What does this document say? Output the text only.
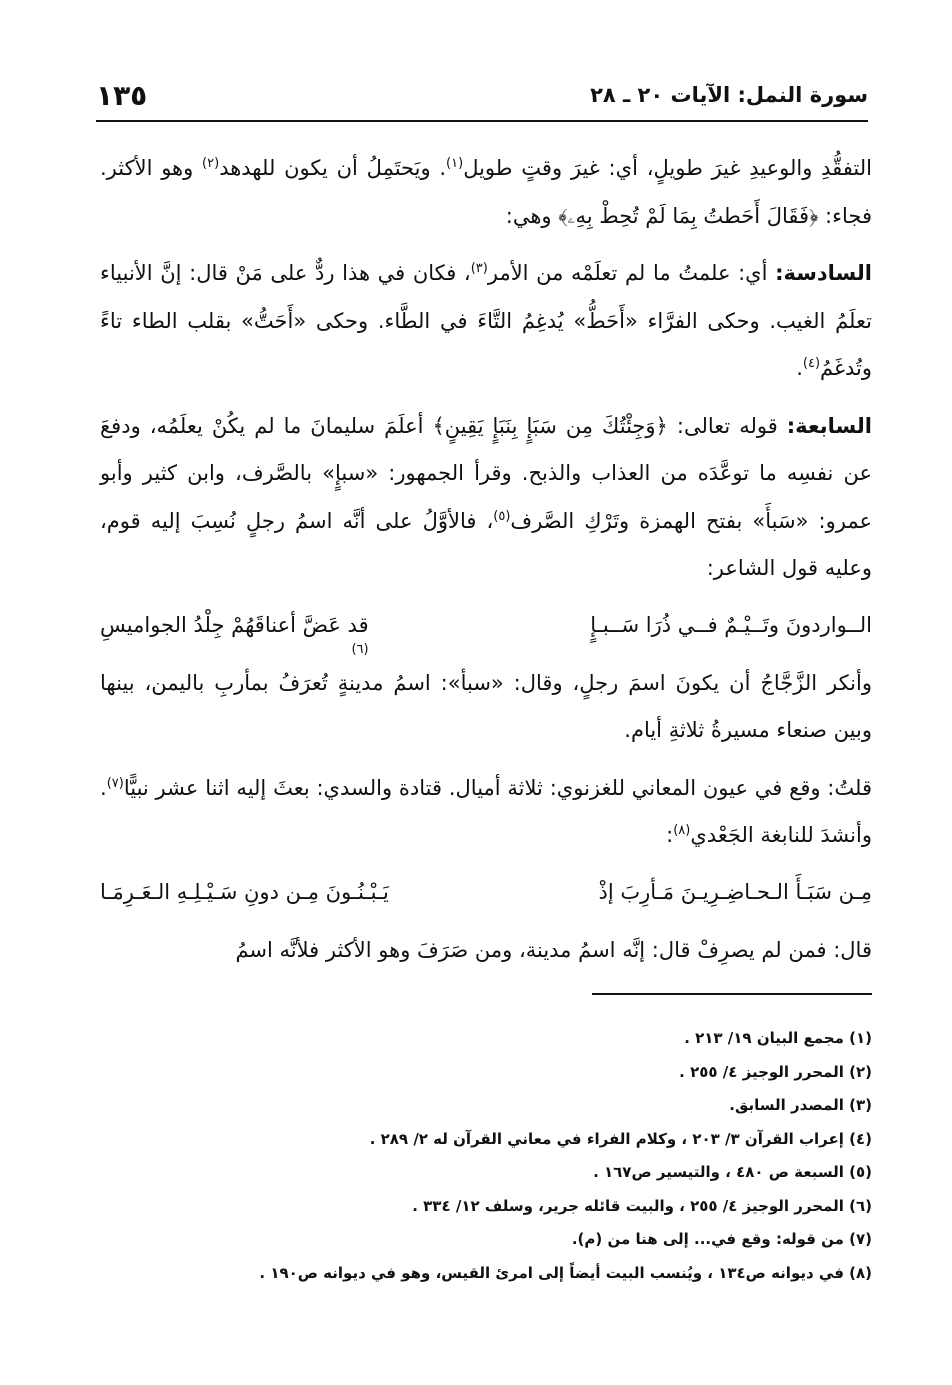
سورة النمل: الآيات ٢٠ ـ ٢٨
١٣٥

التفقُّدِ والوعيدِ غيرَ طويلٍ، أي: غيرَ وقتٍ طويل$^{(١)}$. ويَحتَمِلُ أن يكون للهدهد$^{(٢)}$ وهو الأكثر. فجاء: ﴿فَقَالَ أَحَطتُ بِمَا لَمْ تُحِطْ بِهِۦ﴾ وهي:

السادسة: أي: علمتُ ما لم تعلَمْه من الأمر$^{(٣)}$، فكان في هذا ردٌّ على مَنْ قال: إنَّ الأنبياء تعلَمُ الغيب. وحكى الفرَّاء «أَحَطُّ» يُدغِمُ التَّاءَ في الطَّاء. وحكى «أَحَتُّ» بقلب الطاء تاءً وتُدغَمُ$^{(٤)}$.

السابعة: قوله تعالى: ﴿وَجِئْتُكَ مِن سَبَإٍ بِنَبَإٍ يَقِينٍ﴾ أعلَمَ سليمانَ ما لم يكُنْ يعلَمُه، ودفعَ عن نفسِه ما توعَّدَه من العذاب والذبح. وقرأ الجمهور: «سبإٍ» بالصَّرف، وابن كثير وأبو عمرو: «سَبأَ» بفتح الهمزة وتَرْكِ الصَّرف$^{(٥)}$، فالأوَّلُ على أنَّه اسمُ رجلٍ نُسِبَ إليه قوم، وعليه قول الشاعر:

الــواردونَ وتَــيْـمٌ فــي ذُرَا سَــبـإٍ
قد عَضَّ أعناقَهُمْ جِلْدُ الجواميسِ
(٦)

وأنكر الزَّجَّاجُ أن يكونَ اسمَ رجلٍ، وقال: «سبأ»: اسمُ مدينةٍ تُعرَفُ بمأربِ باليمن، بينها وبين صنعاء مسيرةُ ثلاثةِ أيام.

قلتُ: وقع في عيون المعاني للغزنوي: ثلاثة أميال. قتادة والسدي: بعثَ إليه اثنا عشر نبيًّا$^{(٧)}$. وأنشدَ للنابغة الجَعْدي$^{(٨)}$:

مِـن سَبَـأَ الـحـاضِـرِيـنَ مَـأرِبَ إذْ
يَـبْـنُـونَ مِـن دونِ سَـيْـلِـهِ الـعَـرِمَـا

قال: فمن لم يصرِفْ قال: إنَّه اسمُ مدينة، ومن صَرَفَ وهو الأكثر فلأنَّه اسمُ

(١) مجمع البيان ١٩/ ٢١٣ .
(٢) المحرر الوجيز ٤/ ٢٥٥ .
(٣) المصدر السابق.
(٤) إعراب القرآن ٣/ ٢٠٣ ، وكلام الفراء في معاني القرآن له ٢/ ٢٨٩ .
(٥) السبعة ص ٤٨٠ ، والتيسير ص١٦٧ .
(٦) المحرر الوجيز ٤/ ٢٥٥ ، والبيت قائله جرير، وسلف ١٢/ ٣٣٤ .
(٧) من قوله: وقع في... إلى هنا من (م).
(٨) في ديوانه ص١٣٤ ، ويُنسب البيت أيضاً إلى امرئ القيس، وهو في ديوانه ص١٩٠ .
